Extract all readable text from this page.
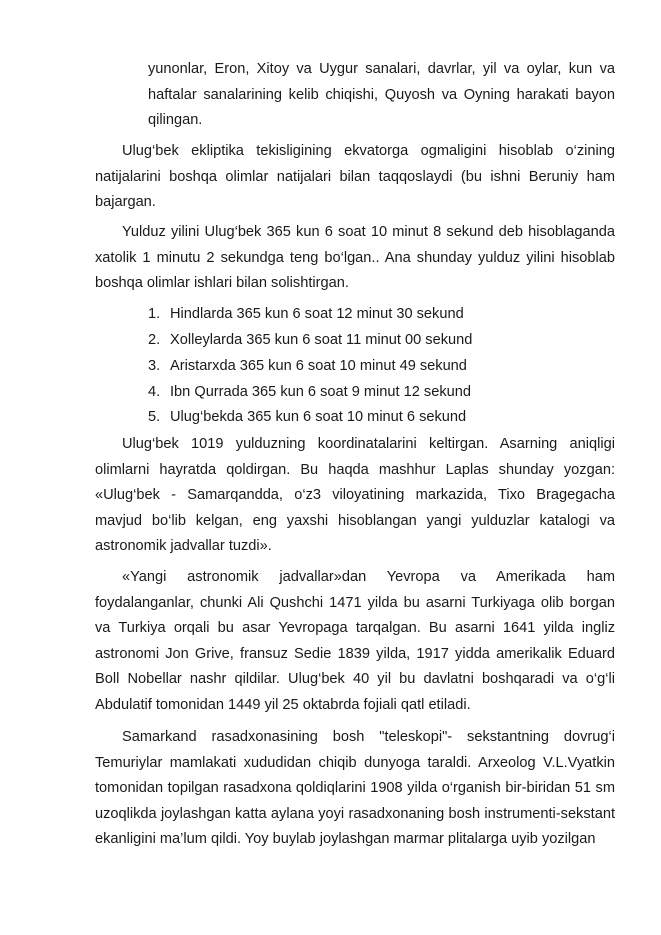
yunonlar, Eron, Xitoy va Uygur sanalari, davrlar, yil va oylar, kun va haftalar sanalarining kelib chiqishi, Quyosh va Oyning harakati bayon qilingan.

Ulug‘bek ekliptika tekisligining ekvatorga ogmaligini hisoblab o‘zining natijalarini boshqa olimlar natijalari bilan taqqoslaydi (bu ishni Beruniy ham bajargan.

Yulduz yilini Ulug‘bek 365 kun 6 soat 10 minut 8 sekund deb hisoblaganda xatolik 1 minutu 2 sekundga teng bo‘lgan.. Ana shunday yulduz yilini hisoblab boshqa olimlar ishlari bilan solishtirgan.

1. Hindlarda 365 kun 6 soat 12 minut 30 sekund
2. Xolleylarda 365 kun 6 soat 11 minut 00 sekund
3. Aristarxda 365 kun 6 soat 10 minut 49 sekund
4. Ibn Qurrada 365 kun 6 soat 9 minut 12 sekund
5. Ulug‘bekda 365 kun 6 soat 10 minut 6 sekund

Ulug‘bek 1019 yulduzning koordinatalarini keltirgan. Asarning aniqligi olimlarni hayratda qoldirgan. Bu haqda mashhur Laplas shunday yozgan: «Ulug‘bek - Samarqandda, o‘z3 viloyatining markazida, Tixo Bragegacha mavjud bo‘lib kelgan, eng yaxshi hisoblangan yangi yulduzlar katalogi va astronomik jadvallar tuzdi».

«Yangi astronomik jadvallar»dan Yevropa va Amerikada ham foydalanganlar, chunki Ali Qushchi 1471 yilda bu asarni Turkiyaga olib borgan va Turkiya orqali bu asar Yevropaga tarqalgan. Bu asarni 1641 yilda ingliz astronomi Jon Grive, fransuz Sedie 1839 yilda, 1917 yidda amerikalik Eduard Boll Nobellar nashr qildilar. Ulug‘bek 40 yil bu davlatni boshqaradi va o‘g‘li Abdulatif tomonidan 1449 yil 25 oktabrda fojiali qatl etiladi.

Samarkand rasadxonasining bosh "teleskopi"- sekstantning dovrug‘i Temuriylar mamlakati xududidan chiqib dunyoga taraldi. Arxeolog V.L.Vyatkin tomonidan topilgan rasadxona qoldiqlarini 1908 yilda o‘rganish bir-biridan 51 sm uzoqlikda joylashgan katta aylana yoyi rasadxonaning bosh instrumenti-sekstant ekanligini ma’lum qildi. Yoy buylab joylashgan marmar plitalarga uyib yozilgan
